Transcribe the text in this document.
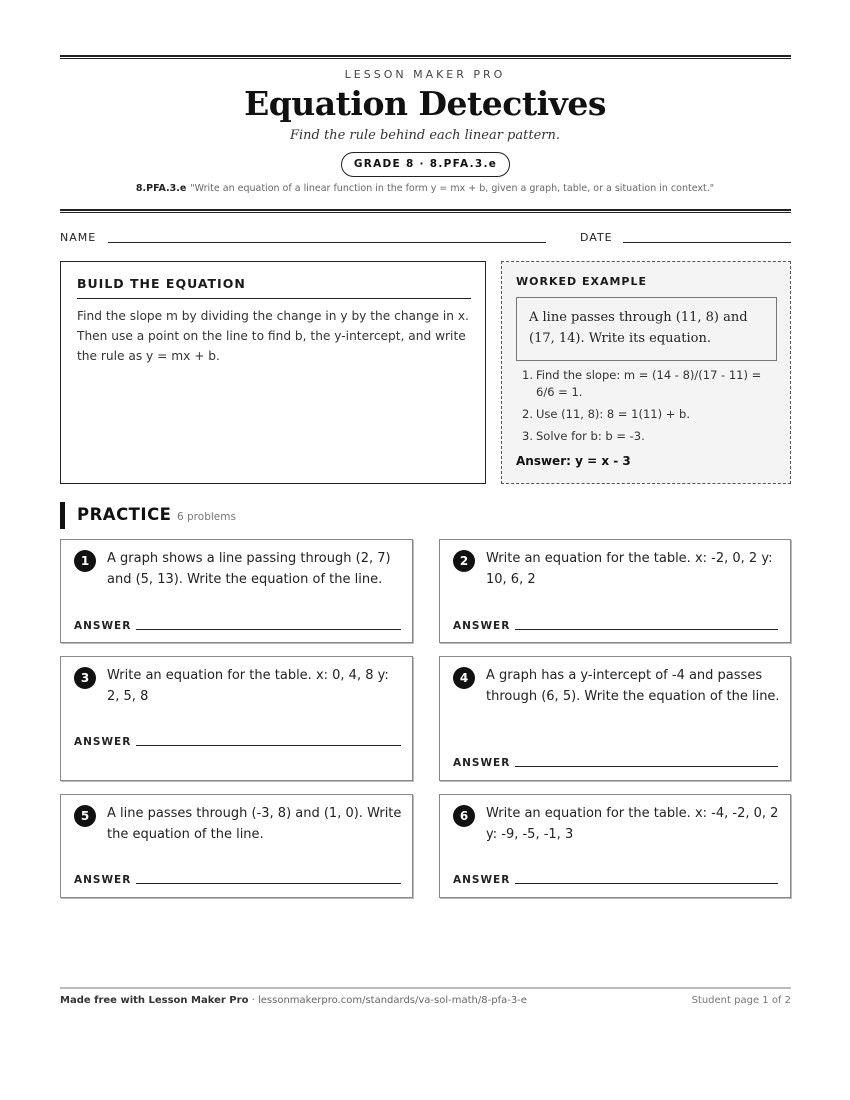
LESSON MAKER PRO
Equation Detectives
Find the rule behind each linear pattern.
GRADE 8 · 8.PFA.3.e
8.PFA.3.e "Write an equation of a linear function in the form y = mx + b, given a graph, table, or a situation in context."
NAME	DATE
BUILD THE EQUATION
Find the slope m by dividing the change in y by the change in x. Then use a point on the line to find b, the y-intercept, and write the rule as y = mx + b.
WORKED EXAMPLE
A line passes through (11, 8) and (17, 14). Write its equation.
1. Find the slope: m = (14 - 8)/(17 - 11) = 6/6 = 1.
2. Use (11, 8): 8 = 1(11) + b.
3. Solve for b: b = -3.
Answer: y = x - 3
PRACTICE 6 problems
1	A graph shows a line passing through (2, 7) and (5, 13). Write the equation of the line.
ANSWER
2	Write an equation for the table. x: -2, 0, 2 y: 10, 6, 2
ANSWER
3	Write an equation for the table. x: 0, 4, 8 y: 2, 5, 8
ANSWER
4	A graph has a y-intercept of -4 and passes through (6, 5). Write the equation of the line.
ANSWER
5	A line passes through (-3, 8) and (1, 0). Write the equation of the line.
ANSWER
6	Write an equation for the table. x: -4, -2, 0, 2 y: -9, -5, -1, 3
ANSWER
Made free with Lesson Maker Pro · lessonmakerpro.com/standards/va-sol-math/8-pfa-3-e	Student page 1 of 2
